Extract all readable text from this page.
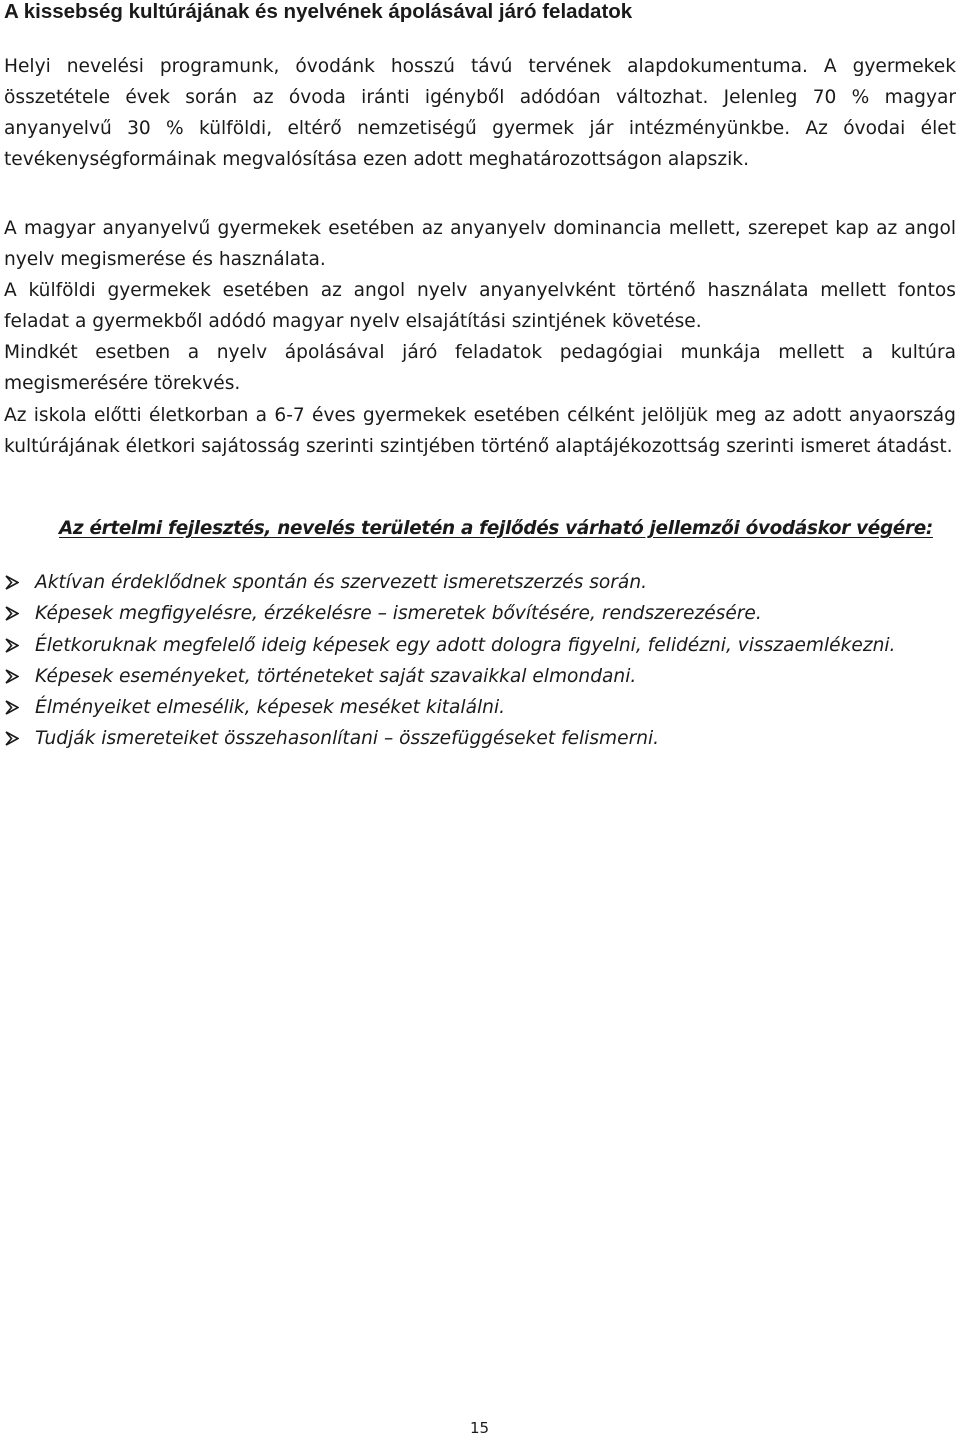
A kissebség kultúrájának és nyelvének ápolásával járó feladatok

Helyi nevelési programunk, óvodánk hosszú távú tervének alapdokumentuma. A gyermekek összetétele évek során az óvoda iránti igényből adódóan változhat. Jelenleg 70 % magyar anyanyelvű 30 % külföldi, eltérő nemzetiségű gyermek jár intézményünkbe. Az óvodai élet tevékenységformáinak megvalósítása ezen adott meghatározottságon alapszik.

A magyar anyanyelvű gyermekek esetében az anyanyelv dominancia mellett, szerepet kap az angol nyelv megismerése és használata.

A külföldi gyermekek esetében az angol nyelv anyanyelvként történő használata mellett fontos feladat a gyermekből adódó magyar nyelv elsajátítási szintjének követése.

Mindkét esetben a nyelv ápolásával járó feladatok pedagógiai munkája mellett a kultúra megismerésére törekvés.

Az iskola előtti életkorban a 6-7 éves gyermekek esetében célként jelöljük meg az adott anyaország kultúrájának életkori sajátosság szerinti szintjében történő alaptájékozottság szerinti ismeret átadást.

Az értelmi fejlesztés, nevelés területén a fejlődés várható jellemzői óvodáskor végére:
Aktívan érdeklődnek spontán és szervezett ismeretszerzés során.
Képesek megfigyelésre, érzékelésre – ismeretek bővítésére, rendszerezésére.
Életkoruknak megfelelő ideig képesek egy adott dologra figyelni, felidézni, visszaemlékezni.
Képesek eseményeket, történeteket saját szavaikkal elmondani.
Élményeiket elmesélik, képesek meséket kitalálni.
Tudják ismereteiket összehasonlítani – összefüggéseket felismerni.
15
